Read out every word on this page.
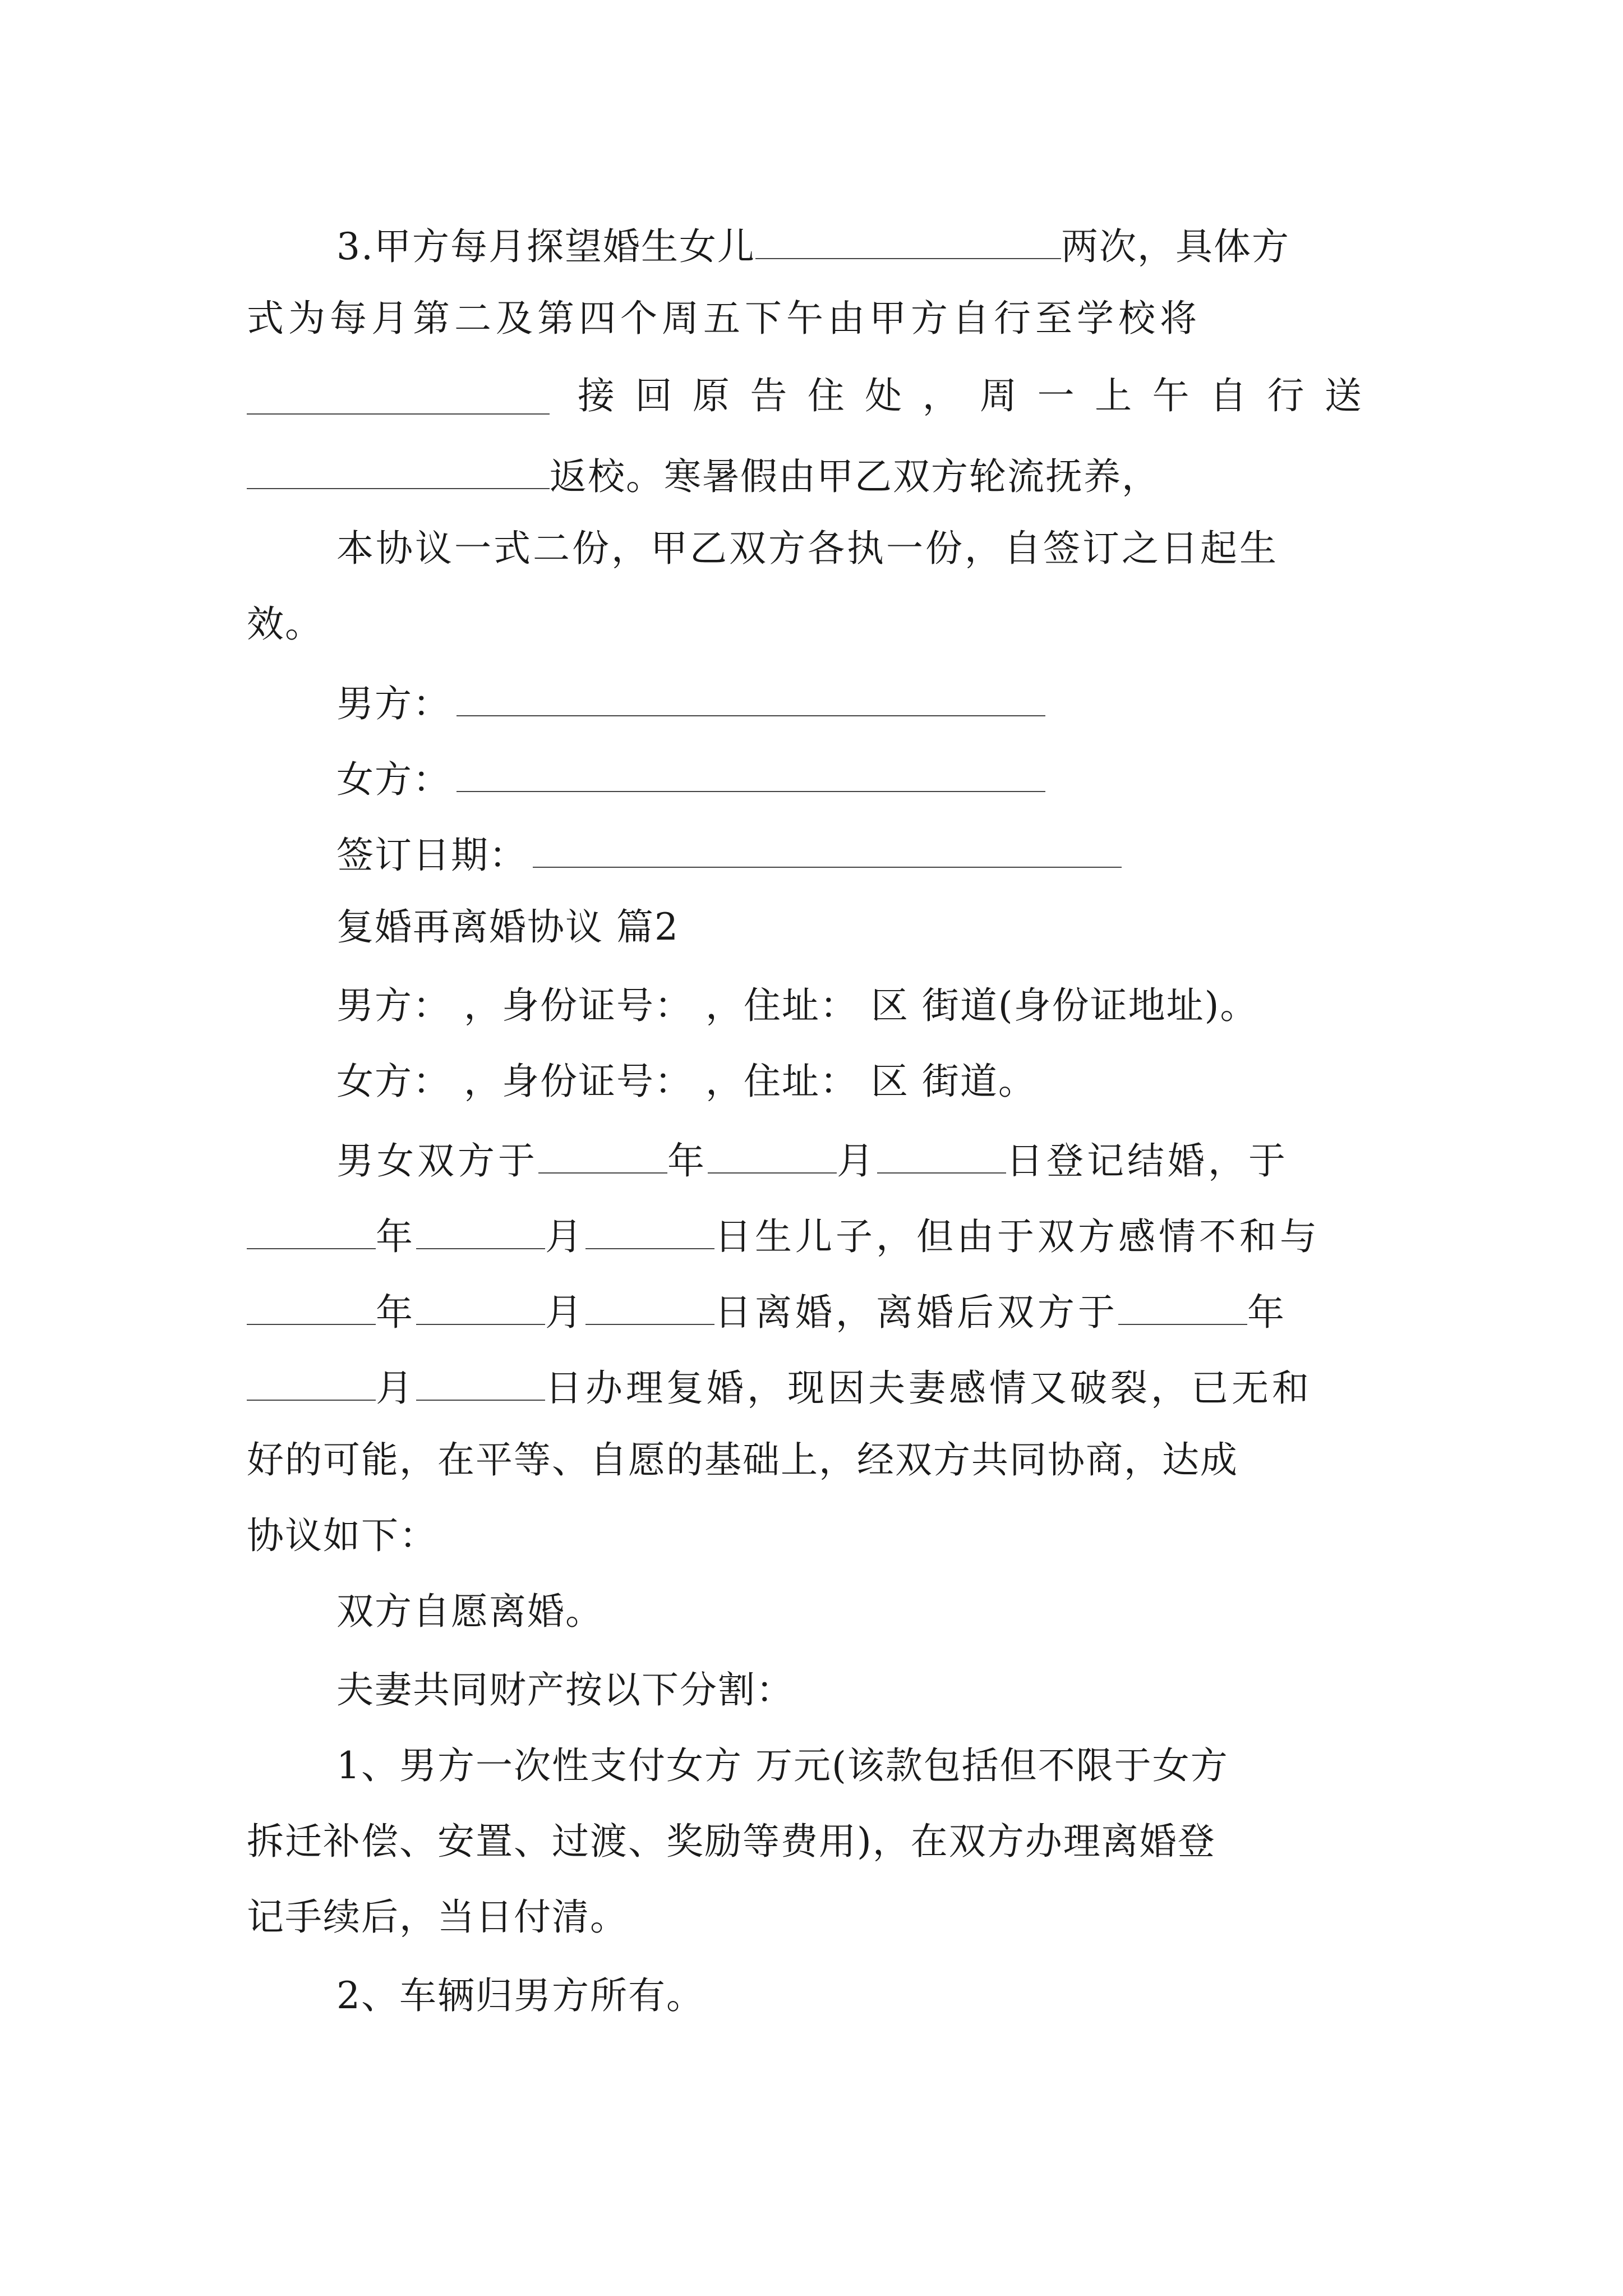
3.甲方每月探望婚生女儿	两次，具体方
式为每月第二及第四个周五下午由甲方自行至学校将
接 回 原 告 住 处 ， 周 一 上 午 自 行 送
返校。寒暑假由甲乙双方轮流抚养，
本协议一式二份，甲乙双方各执一份，自签订之日起生
效。
男方：
女方：
签订日期：
复婚再离婚协议 篇2
男方： ，身份证号： ，住址： 区 街道(身份证地址)。
女方： ，身份证号： ，住址： 区 街道。
男女双方于	年	月	日登记结婚，于
年	月	日生儿子，但由于双方感情不和与
年	月	日离婚，离婚后双方于	年
月	日办理复婚，现因夫妻感情又破裂，已无和
好的可能，在平等、自愿的基础上，经双方共同协商，达成
协议如下：
双方自愿离婚。
夫妻共同财产按以下分割：
1、男方一次性支付女方 万元(该款包括但不限于女方
拆迁补偿、安置、过渡、奖励等费用)，在双方办理离婚登
记手续后，当日付清。
2、车辆归男方所有。
